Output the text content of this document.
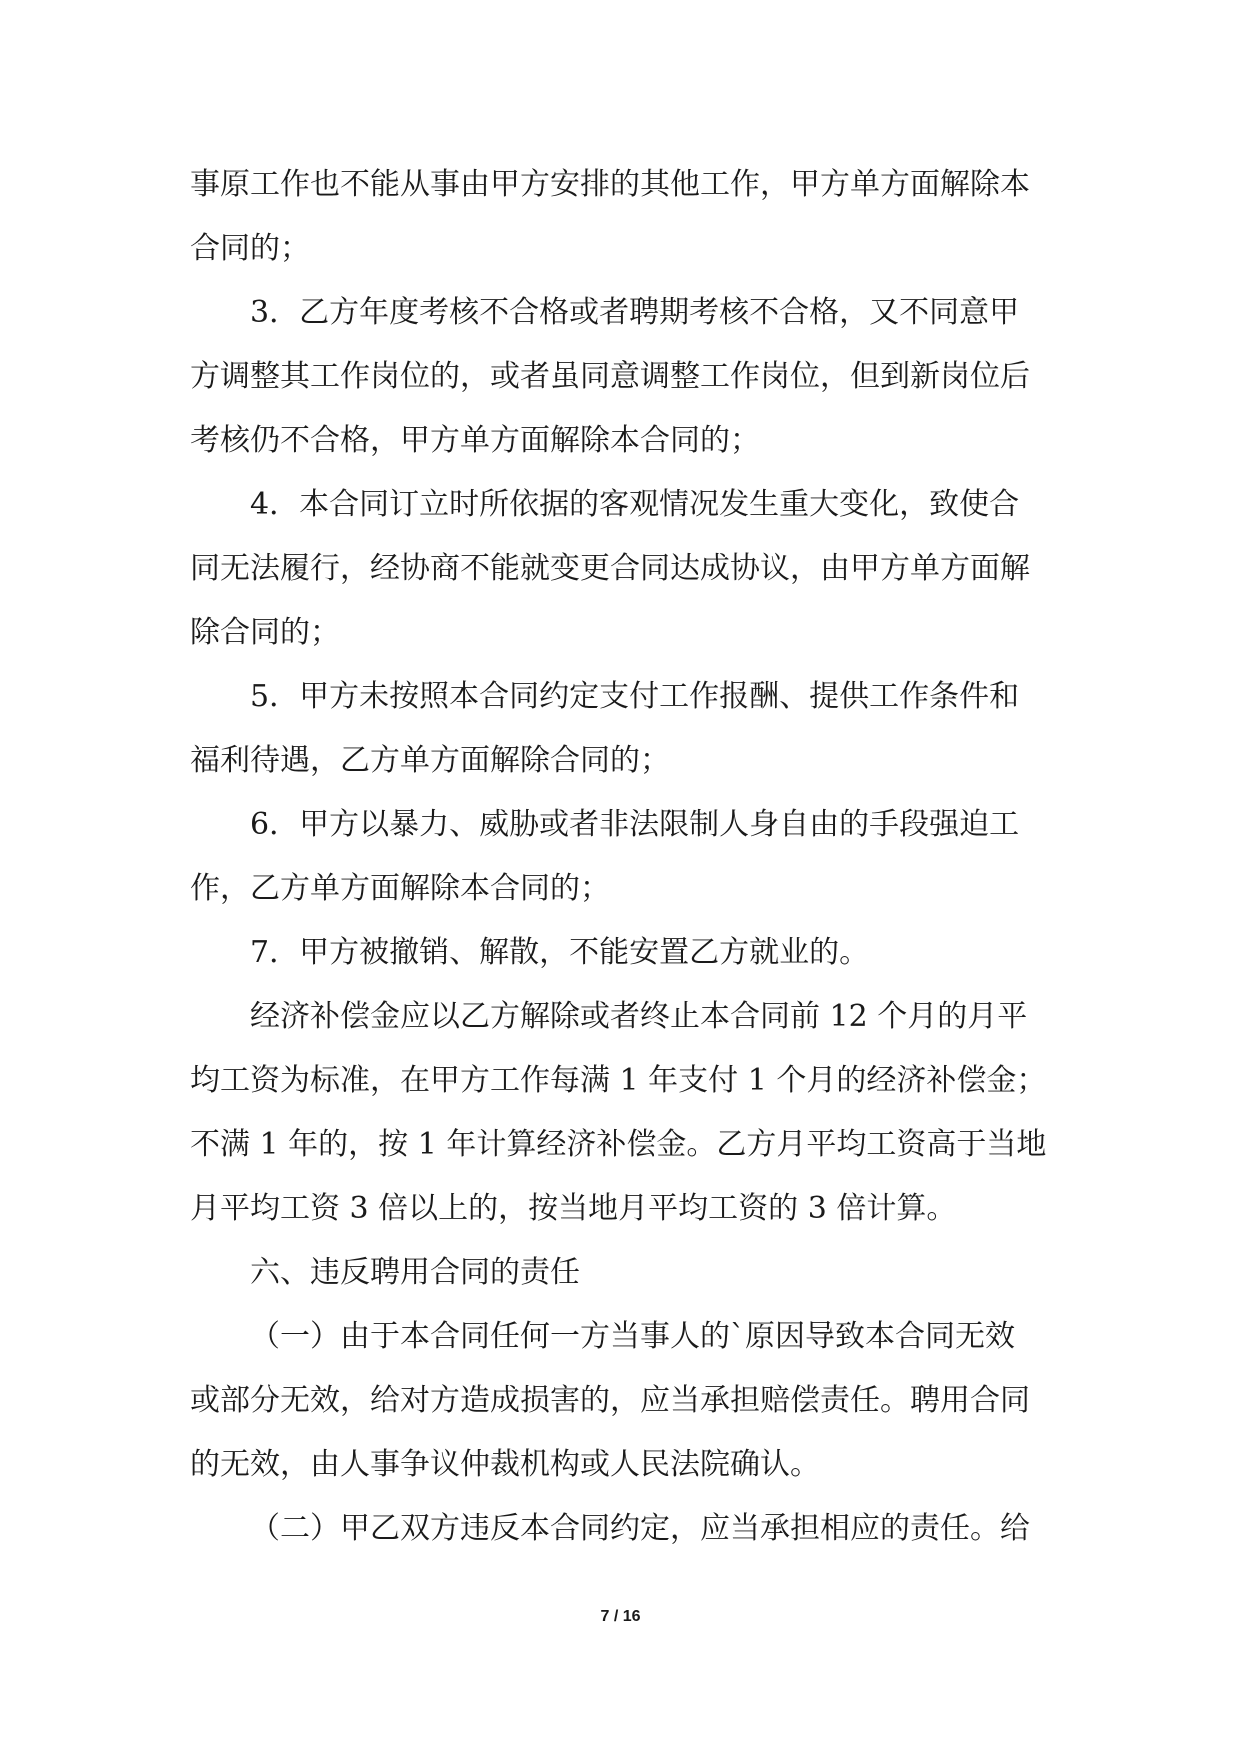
事原工作也不能从事由甲方安排的其他工作，甲方单方面解除本

合同的；

3．乙方年度考核不合格或者聘期考核不合格，又不同意甲

方调整其工作岗位的，或者虽同意调整工作岗位，但到新岗位后

考核仍不合格，甲方单方面解除本合同的；

4．本合同订立时所依据的客观情况发生重大变化，致使合

同无法履行，经协商不能就变更合同达成协议，由甲方单方面解

除合同的；

5．甲方未按照本合同约定支付工作报酬、提供工作条件和

福利待遇，乙方单方面解除合同的；

6．甲方以暴力、威胁或者非法限制人身自由的手段强迫工

作，乙方单方面解除本合同的；

7．甲方被撤销、解散，不能安置乙方就业的。

经济补偿金应以乙方解除或者终止本合同前 12 个月的月平

均工资为标准，在甲方工作每满 1 年支付 1 个月的经济补偿金；

不满 1 年的，按 1 年计算经济补偿金。乙方月平均工资高于当地

月平均工资 3 倍以上的，按当地月平均工资的 3 倍计算。

六、违反聘用合同的责任

（一）由于本合同任何一方当事人的`原因导致本合同无效

或部分无效，给对方造成损害的，应当承担赔偿责任。聘用合同

的无效，由人事争议仲裁机构或人民法院确认。

（二）甲乙双方违反本合同约定，应当承担相应的责任。给

7 / 16
